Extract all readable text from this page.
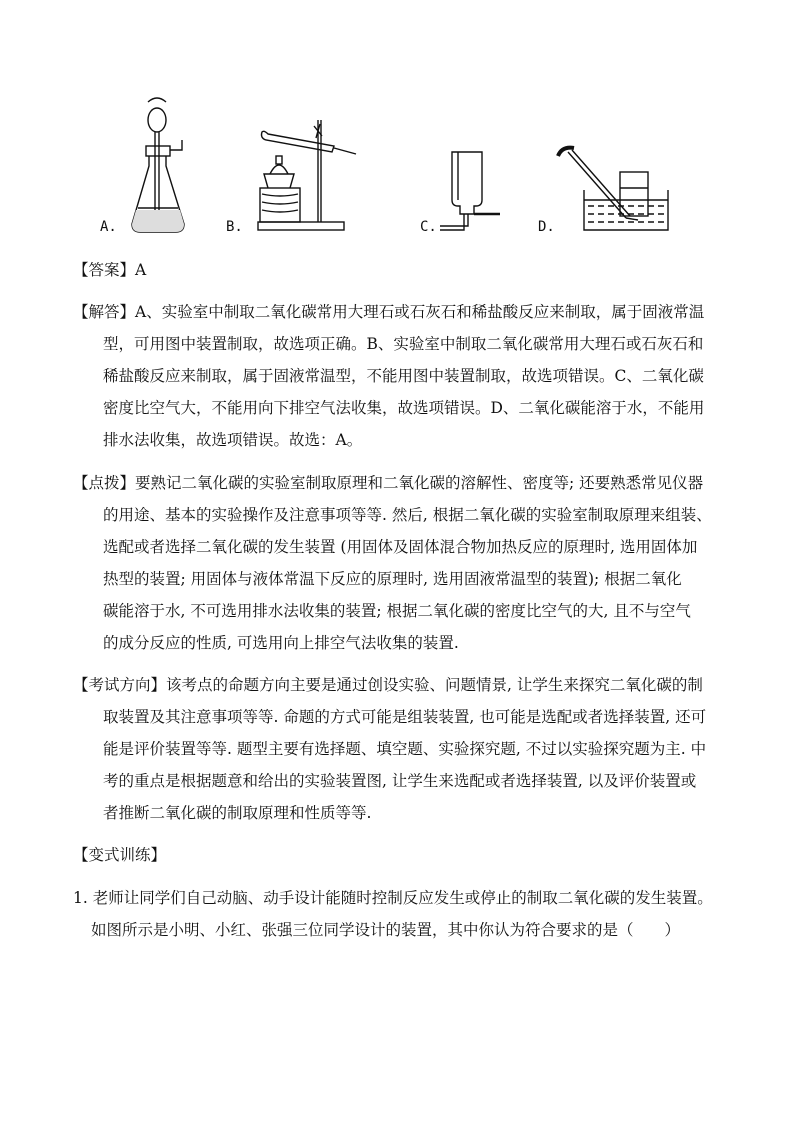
A.	B.	C.	D.
【答案】A
【解答】A、实验室中制取二氧化碳常用大理石或石灰石和稀盐酸反应来制取，属于固液常温
型，可用图中装置制取，故选项正确。B、实验室中制取二氧化碳常用大理石或石灰石和
稀盐酸反应来制取，属于固液常温型，不能用图中装置制取，故选项错误。C、二氧化碳
密度比空气大，不能用向下排空气法收集，故选项错误。D、二氧化碳能溶于水，不能用
排水法收集，故选项错误。故选：A。
【点拨】要熟记二氧化碳的实验室制取原理和二氧化碳的溶解性、密度等; 还要熟悉常见仪器
的用途、基本的实验操作及注意事项等等. 然后, 根据二氧化碳的实验室制取原理来组装、
选配或者选择二氧化碳的发生装置 (用固体及固体混合物加热反应的原理时, 选用固体加
热型的装置; 用固体与液体常温下反应的原理时, 选用固液常温型的装置); 根据二氧化
碳能溶于水, 不可选用排水法收集的装置; 根据二氧化碳的密度比空气的大, 且不与空气
的成分反应的性质, 可选用向上排空气法收集的装置.
【考试方向】该考点的命题方向主要是通过创设实验、问题情景, 让学生来探究二氧化碳的制
取装置及其注意事项等等. 命题的方式可能是组装装置, 也可能是选配或者选择装置, 还可
能是评价装置等等. 题型主要有选择题、填空题、实验探究题, 不过以实验探究题为主. 中
考的重点是根据题意和给出的实验装置图, 让学生来选配或者选择装置, 以及评价装置或
者推断二氧化碳的制取原理和性质等等.
【变式训练】
1. 老师让同学们自己动脑、动手设计能随时控制反应发生或停止的制取二氧化碳的发生装置。
如图所示是小明、小红、张强三位同学设计的装置，其中你认为符合要求的是（　　）
